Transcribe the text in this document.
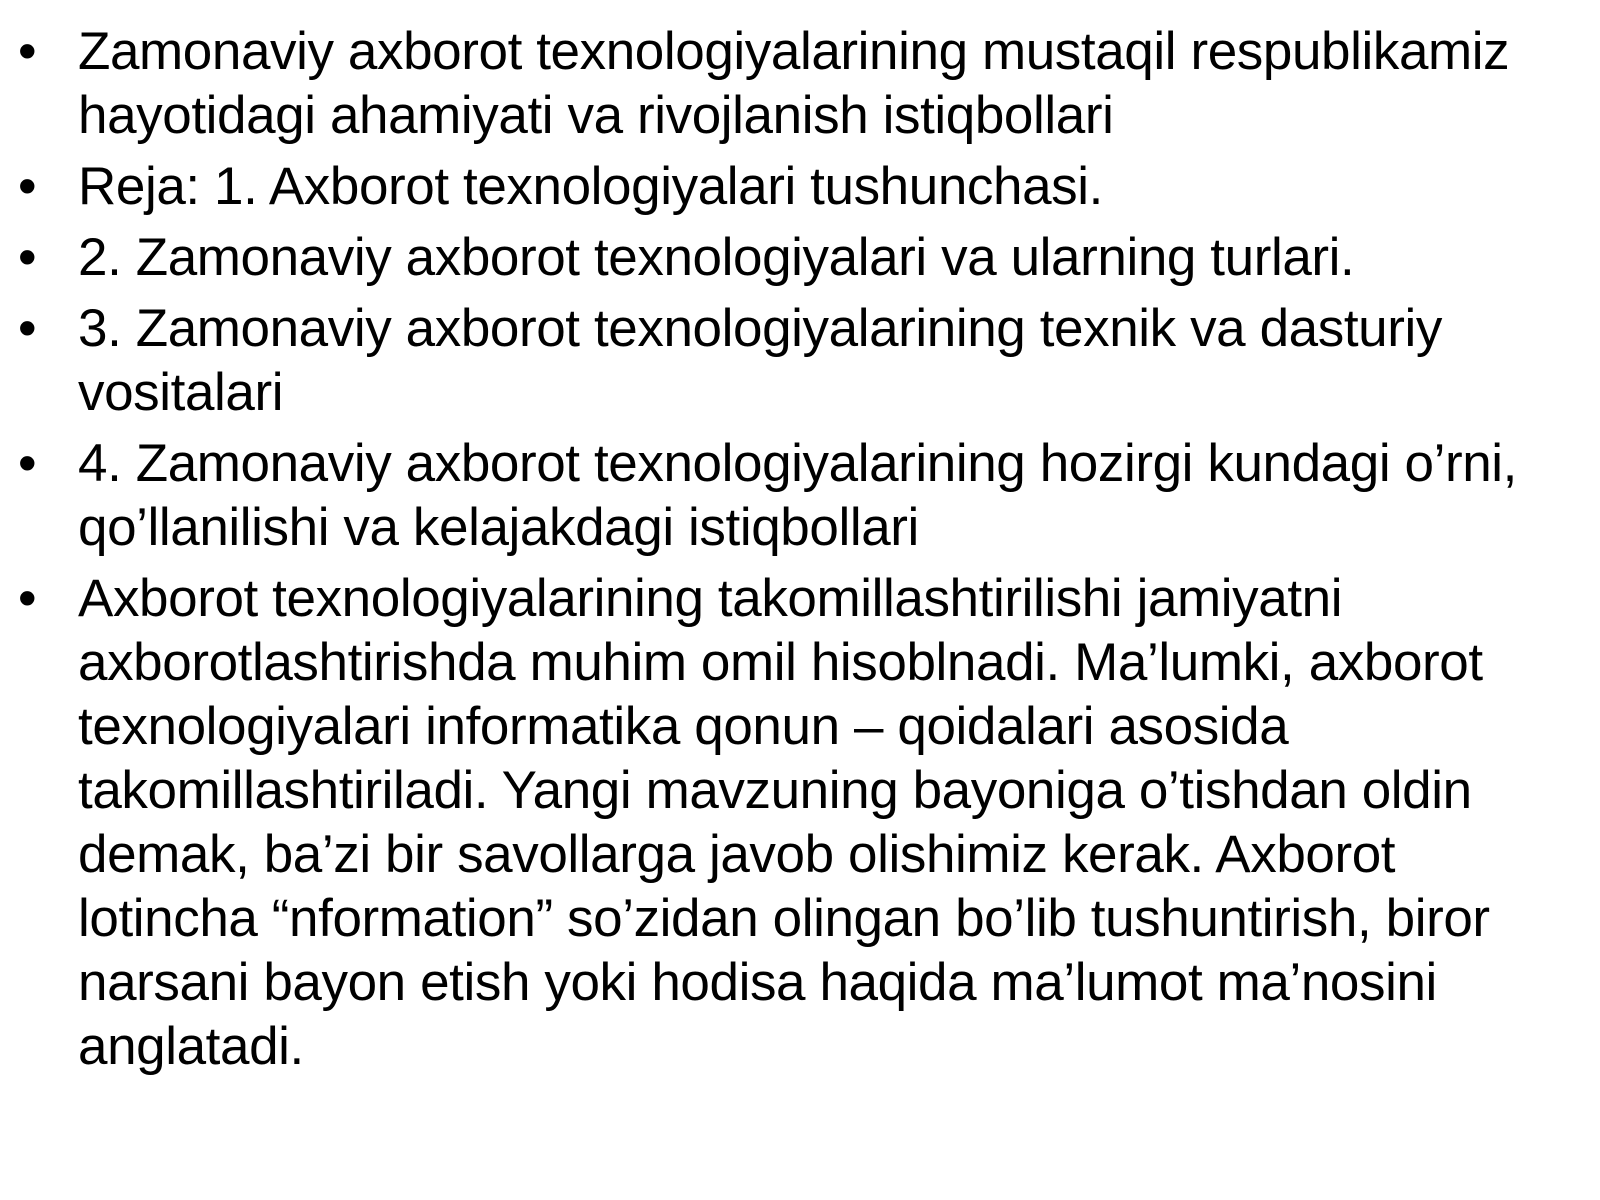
• Zamonaviy axborot texnologiyalarining mustaqil respublikamiz hayotidagi ahamiyati va rivojlanish istiqbollari
• Reja: 1. Axborot texnologiyalari tushunchasi.
• 2. Zamonaviy axborot texnologiyalari va ularning turlari.
• 3. Zamonaviy axborot texnologiyalarining texnik va dasturiy vositalari
• 4. Zamonaviy axborot texnologiyalarining hozirgi kundagi o’rni, qo’llanilishi va kelajakdagi istiqbollari
• Axborot texnologiyalarining takomillashtirilishi jamiyatni axborotlashtirishda muhim omil hisoblnadi. Ma’lumki, axborot texnologiyalari informatika qonun – qoidalari asosida takomillashtiriladi. Yangi mavzuning bayoniga o’tishdan oldin demak, ba’zi bir savollarga javob olishimiz kerak. Axborot lotincha “nformation” so’zidan olingan bo’lib tushuntirish, biror narsani bayon etish yoki hodisa haqida ma’lumot ma’nosini anglatadi.
